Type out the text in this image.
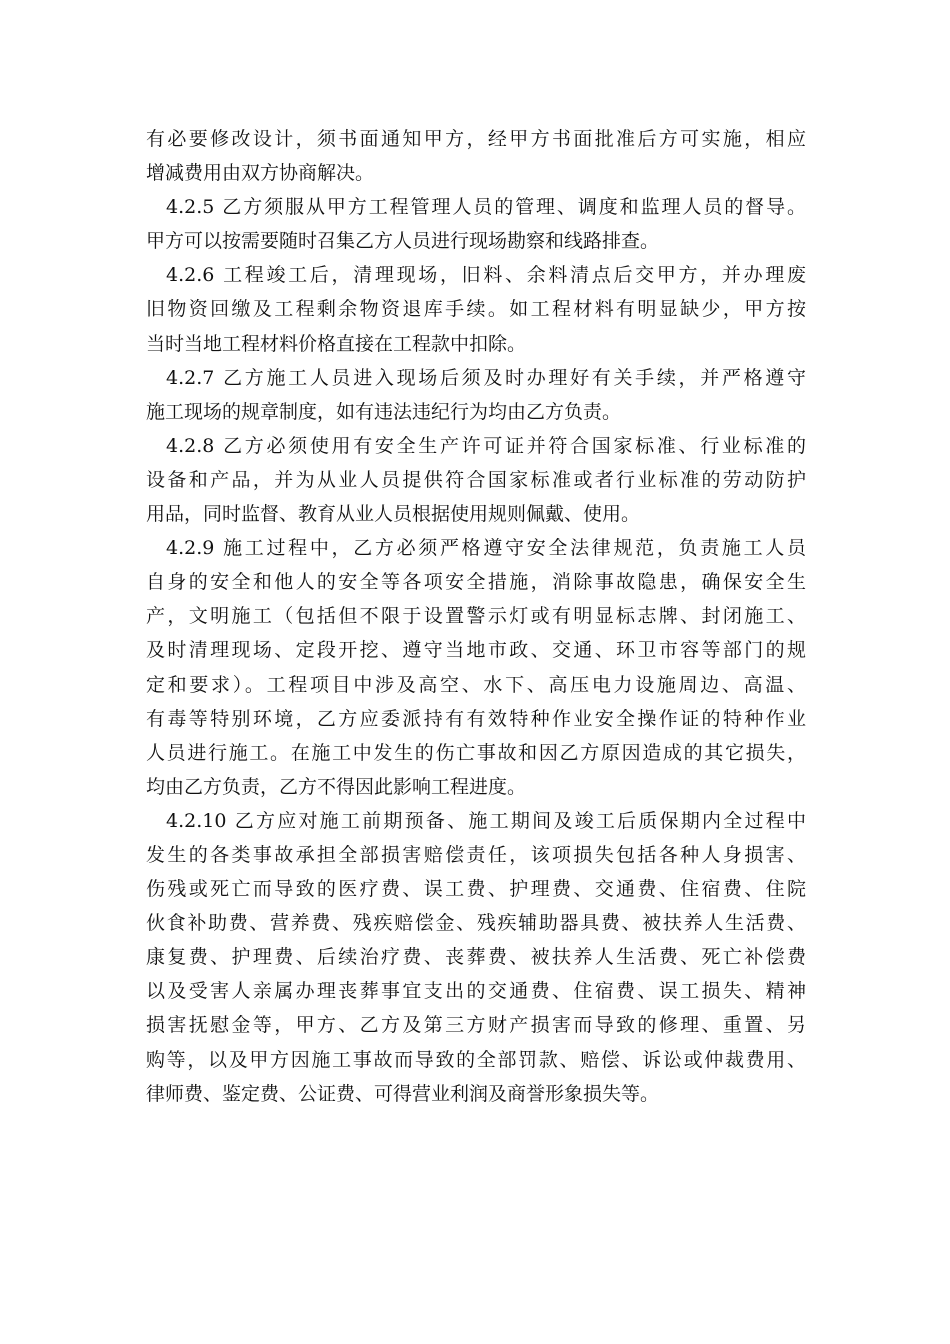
有必要修改设计，须书面通知甲方，经甲方书面批准后方可实施，相应
增减费用由双方协商解决。
4.2.5 乙方须服从甲方工程管理人员的管理、调度和监理人员的督导。
甲方可以按需要随时召集乙方人员进行现场勘察和线路排查。
4.2.6 工程竣工后，清理现场，旧料、余料清点后交甲方，并办理废
旧物资回缴及工程剩余物资退库手续。如工程材料有明显缺少，甲方按
当时当地工程材料价格直接在工程款中扣除。
4.2.7 乙方施工人员进入现场后须及时办理好有关手续，并严格遵守
施工现场的规章制度，如有违法违纪行为均由乙方负责。
4.2.8 乙方必须使用有安全生产许可证并符合国家标准、行业标准的
设备和产品，并为从业人员提供符合国家标准或者行业标准的劳动防护
用品，同时监督、教育从业人员根据使用规则佩戴、使用。
4.2.9 施工过程中，乙方必须严格遵守安全法律规范，负责施工人员
自身的安全和他人的安全等各项安全措施，消除事故隐患，确保安全生
产，文明施工（包括但不限于设置警示灯或有明显标志牌、封闭施工、
及时清理现场、定段开挖、遵守当地市政、交通、环卫市容等部门的规
定和要求）。工程项目中涉及高空、水下、高压电力设施周边、高温、
有毒等特别环境，乙方应委派持有有效特种作业安全操作证的特种作业
人员进行施工。在施工中发生的伤亡事故和因乙方原因造成的其它损失，
均由乙方负责，乙方不得因此影响工程进度。
4.2.10 乙方应对施工前期预备、施工期间及竣工后质保期内全过程中
发生的各类事故承担全部损害赔偿责任，该项损失包括各种人身损害、
伤残或死亡而导致的医疗费、误工费、护理费、交通费、住宿费、住院
伙食补助费、营养费、残疾赔偿金、残疾辅助器具费、被扶养人生活费、
康复费、护理费、后续治疗费、丧葬费、被扶养人生活费、死亡补偿费
以及受害人亲属办理丧葬事宜支出的交通费、住宿费、误工损失、精神
损害抚慰金等，甲方、乙方及第三方财产损害而导致的修理、重置、另
购等，以及甲方因施工事故而导致的全部罚款、赔偿、诉讼或仲裁费用、
律师费、鉴定费、公证费、可得营业利润及商誉形象损失等。
